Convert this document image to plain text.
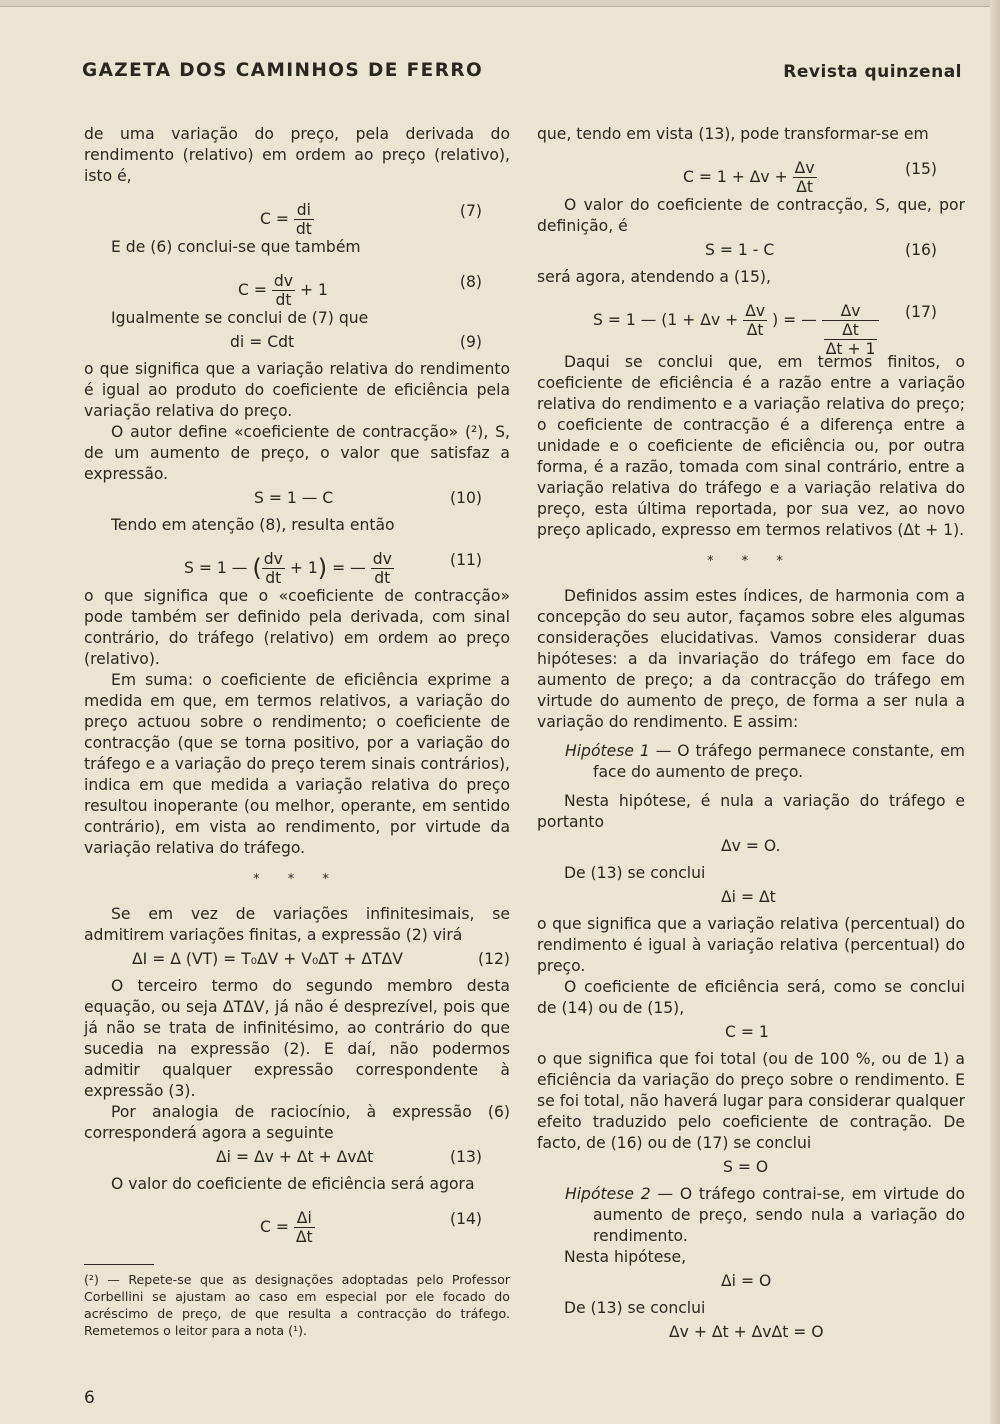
GAZETA DOS CAMINHOS DE FERRO	Revista quinzenal

de uma variação do preço, pela derivada do rendimento (relativo) em ordem ao preço (relativo), isto é,

$C = \frac{di}{dt}$	(7)

E de (6) conclui-se que também

$C = \frac{dv}{dt} + 1$	(8)

Igualmente se conclui de (7) que

di = Cdt	(9)

o que significa que a variação relativa do rendimento é igual ao produto do coeficiente de eficiência pela variação relativa do preço.

O autor define «coeficiente de contracção» (²), S, de um aumento de preço, o valor que satisfaz a expressão.

S = 1 — C	(10)

Tendo em atenção (8), resulta então

S = 1 — ( $\frac{dv}{dt} + 1$) = — $\frac{dv}{dt}$	(11)

o que significa que o «coeficiente de contracção» pode também ser definido pela derivada, com sinal contrário, do tráfego (relativo) em ordem ao preço (relativo).

Em suma: o coeficiente de eficiência exprime a medida em que, em termos relativos, a variação do preço actuou sobre o rendimento; o coeficiente de contracção (que se torna positivo, por a variação do tráfego e a variação do preço terem sinais contrários), indica em que medida a variação relativa do preço resultou inoperante (ou melhor, operante, em sentido contrário), em vista ao rendimento, por virtude da variação relativa do tráfego.

* * *

Se em vez de variações infinitesimais, se admitirem variações finitas, a expressão (2) virá

ΔI = Δ (VT) = T₀ΔV + V₀ΔT + ΔTΔV	(12)

O terceiro termo do segundo membro desta equação, ou seja ΔTΔV, já não é desprezível, pois que já não se trata de infinitésimo, ao contrário do que sucedia na expressão (2). E daí, não podermos admitir qualquer expressão correspondente à expressão (3).

Por analogia de raciocínio, à expressão (6) corresponderá agora a seguinte

Δi = Δv + Δt + ΔvΔt	(13)

O valor do coeficiente de eficiência será agora

$C = \frac{\Delta i}{\Delta t}$	(14)

(²) — Repete-se que as designações adoptadas pelo Professor Corbellini se ajustam ao caso em especial por ele focado do acréscimo de preço, de que resulta a contracção do tráfego. Remetemos o leitor para a nota (¹).

que, tendo em vista (13), pode transformar-se em

$C = 1 + \Delta v + \frac{\Delta v}{\Delta t}$	(15)

O valor do coeficiente de contracção, S, que, por definição, é

S = 1 - C	(16)

será agora, atendendo a (15),

S = 1 — ($1 + \Delta v + \frac{\Delta v}{\Delta t}$ ) = — $\frac{\Delta v}{\frac{\Delta t}{\Delta t + 1}} (17)$

Daqui se conclui que, em termos finitos, o coeficiente de eficiência é a razão entre a variação relativa do rendimento e a variação relativa do preço; o coeficiente de contracção é a diferença entre a unidade e o coeficiente de eficiência ou, por outra forma, é a razão, tomada com sinal contrário, entre a variação relativa do tráfego e a variação relativa do preço, esta última reportada, por sua vez, ao novo preço aplicado, expresso em termos relativos (Δt + 1).

* * *

Definidos assim estes índices, de harmonia com a concepção do seu autor, façamos sobre eles algumas considerações elucidativas. Vamos considerar duas hipóteses: a da invariação do tráfego em face do aumento de preço; a da contracção do tráfego em virtude do aumento de preço, de forma a ser nula a variação do rendimento. E assim:

Hipótese 1 — O tráfego permanece constante, em face do aumento de preço.

Nesta hipótese, é nula a variação do tráfego e portanto

Δv = O.

De (13) se conclui

Δi = Δt

o que significa que a variação relativa (percentual) do rendimento é igual à variação relativa (percentual) do preço.

O coeficiente de eficiência será, como se conclui de (14) ou de (15),

C = 1

o que significa que foi total (ou de 100 %, ou de 1) a eficiência da variação do preço sobre o rendimento. E se foi total, não haverá lugar para considerar qualquer efeito traduzido pelo coeficiente de contração. De facto, de (16) ou de (17) se conclui

S = O

Hipótese 2 — O tráfego contrai-se, em virtude do aumento de preço, sendo nula a variação do rendimento.

Nesta hipótese,

Δi = O

De (13) se conclui

Δv + Δt + ΔvΔt = O
6
